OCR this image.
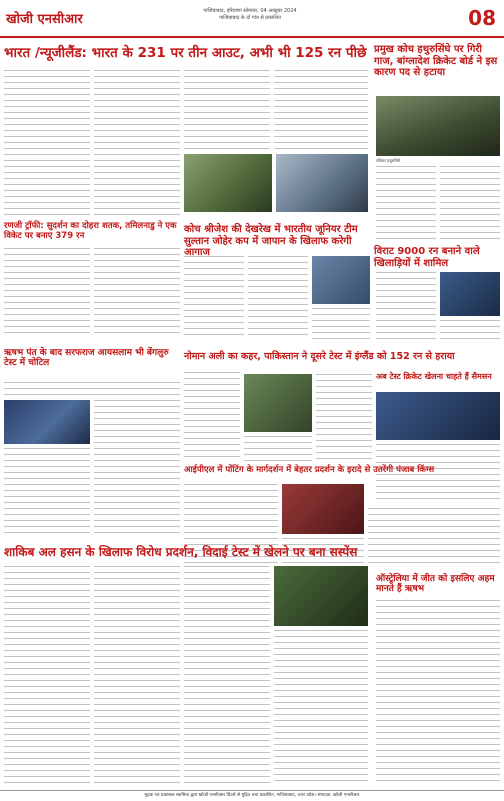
खोजी एनसीआर
गाजियाबाद, हरियाणा सोमवार, 04 अक्टूबर 2024
गाजियाबाद के दो गांव से प्रकाशित	08
भारत /न्यूजीलैंड: भारत के 231 पर तीन आउट, अभी भी 125 रन पीछे प्रमुख कोच हथुरुसिंघे पर गिरी गाज, बांग्लादेश क्रिकेट बोर्ड ने इस कारण पद से हटाया
चंडिका हथुरुसिंघे
रणजी ट्रॉफी: सुदर्शन का दोहरा शतक, तमिलनाडु ने एक विकेट पर बनाए 379 रन
कोच श्रीजेश की देखरेख में भारतीय जूनियर टीम सुल्तान जोहेर कप में जापान के खिलाफ करेगी आगाज	विराट 9000 रन बनाने वाले खिलाड़ियों में शामिल
ऋषभ पंत के बाद सरफराज आयसलाम भी बेंगलुरु टेस्ट में चोटिल
नोमान अली का कहर, पाकिस्तान ने दूसरे टेस्ट में इंग्लैंड को 152 रन से हराया
अब टेस्ट क्रिकेट खेलना चाहते हैं सैमसन
आईपीएल में पोंटिंग के मार्गदर्शन में बेहतर प्रदर्शन के इरादे से उतरेंगी पंजाब किंग्स
शाकिब अल हसन के खिलाफ विरोध प्रदर्शन, विदाई टेस्ट में खेलने पर बना सस्पेंस
ऑस्ट्रेलिया में जीत को इसलिए अहम मानते हैं ऋषभ
मुद्रक एवं प्रकाशक स्वामित्व द्वारा खोजी एनसीआर प्रिंटर्स से मुद्रित तथा प्रकाशित, गाजियाबाद, उत्तर प्रदेश। संपादक: खोजी एनसीआर
